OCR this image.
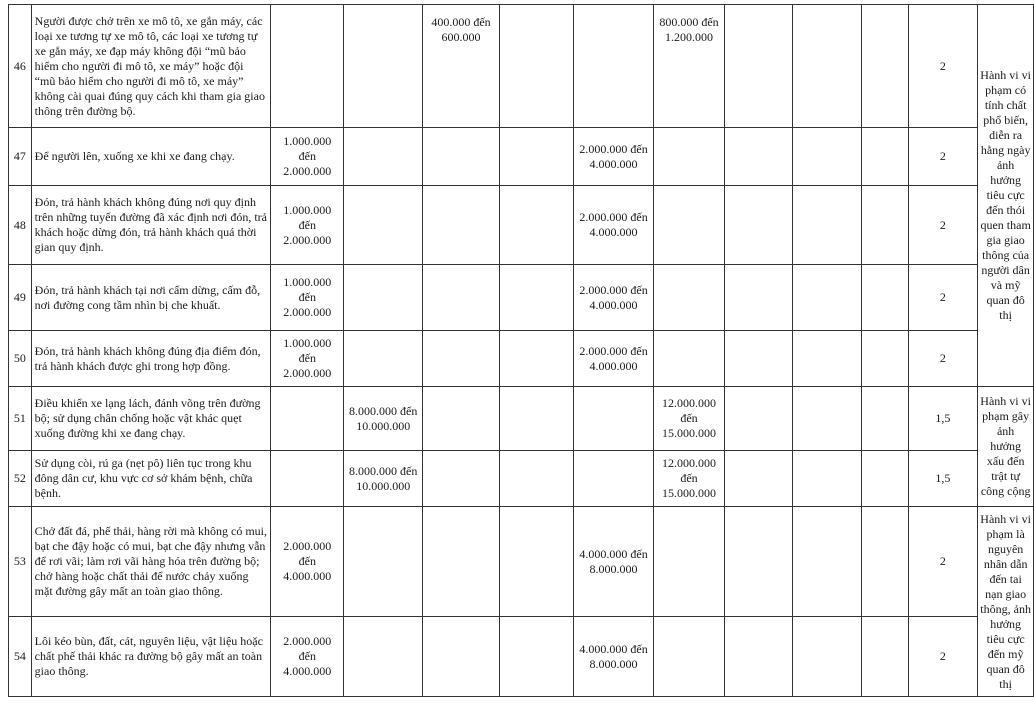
46	Người được chở trên xe mô tô, xe gắn máy, các loại xe tương tự xe mô tô, các loại xe tương tự xe gắn máy, xe đạp máy không đội “mũ bảo hiểm cho người đi mô tô, xe máy” hoặc đội “mũ bảo hiểm cho người đi mô tô, xe máy” không cài quai đúng quy cách khi tham gia giao thông trên đường bộ.			400.000 đến 600.000			800.000 đến 1.200.000				2	Hành vi vi phạm có tính chất phổ biến, diễn ra hằng ngày ảnh hưởng tiêu cực đến thói quen tham gia giao thông của người dân và mỹ quan đô thị
47	Để người lên, xuống xe khi xe đang chạy.	1.000.000 đến 2.000.000				2.000.000 đến 4.000.000					2	
48	Đón, trả hành khách không đúng nơi quy định trên những tuyến đường đã xác định nơi đón, trả khách hoặc dừng đón, trả hành khách quá thời gian quy định.	1.000.000 đến 2.000.000				2.000.000 đến 4.000.000					2	
49	Đón, trả hành khách tại nơi cấm dừng, cấm đỗ, nơi đường cong tầm nhìn bị che khuất.	1.000.000 đến 2.000.000				2.000.000 đến 4.000.000					2	
50	Đón, trả hành khách không đúng địa điểm đón, trả hành khách được ghi trong hợp đồng.	1.000.000 đến 2.000.000				2.000.000 đến 4.000.000					2	
51	Điều khiển xe lạng lách, đánh võng trên đường bộ; sử dụng chân chống hoặc vật khác quẹt xuống đường khi xe đang chạy.		8.000.000 đến 10.000.000				12.000.000 đến 15.000.000				1,5	Hành vi vi phạm gây ảnh hưởng xấu đến trật tự công cộng
52	Sử dụng còi, rú ga (nẹt pô) liên tục trong khu đông dân cư, khu vực cơ sở khám bệnh, chữa bệnh.		8.000.000 đến 10.000.000				12.000.000 đến 15.000.000				1,5	
53	Chở đất đá, phế thải, hàng rời mà không có mui, bạt che đậy hoặc có mui, bạt che đậy nhưng vẫn để rơi vãi; làm rơi vãi hàng hóa trên đường bộ; chở hàng hoặc chất thải để nước chảy xuống mặt đường gây mất an toàn giao thông.	2.000.000 đến 4.000.000				4.000.000 đến 8.000.000					2	Hành vi vi phạm là nguyên nhân dẫn đến tai nạn giao thông, ảnh hưởng tiêu cực đến mỹ quan đô thị
54	Lôi kéo bùn, đất, cát, nguyên liệu, vật liệu hoặc chất phế thải khác ra đường bộ gây mất an toàn giao thông.	2.000.000 đến 4.000.000				4.000.000 đến 8.000.000					2	
